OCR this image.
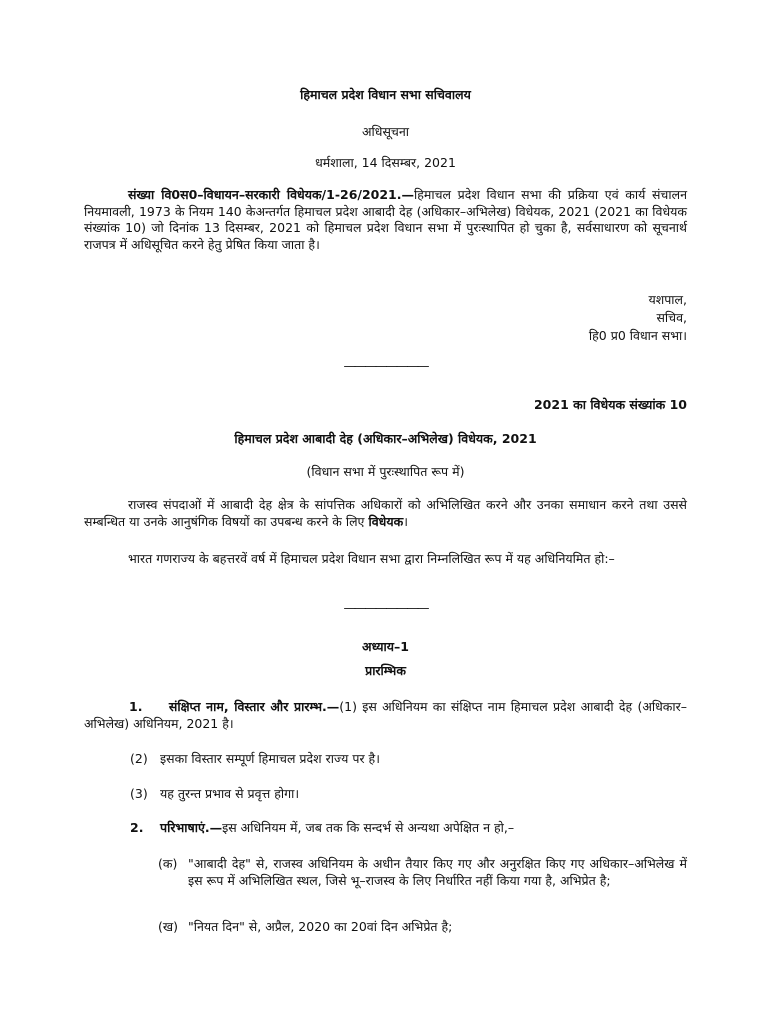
हिमाचल प्रदेश विधान सभा सचिवालय
अधिसूचना
धर्मशाला, 14 दिसम्बर, 2021
संख्या वि0स0–विधायन–सरकारी विधेयक/1-26/2021.—हिमाचल प्रदेश विधान सभा की प्रक्रिया एवं कार्य संचालन नियमावली, 1973 के नियम 140 केअन्तर्गत हिमाचल प्रदेश आबादी देह (अधिकार–अभिलेख) विधेयक, 2021 (2021 का विधेयक संख्यांक 10) जो दिनांक 13 दिसम्बर, 2021 को हिमाचल प्रदेश विधान सभा में पुरःस्थापित हो चुका है, सर्वसाधारण को सूचनार्थ राजपत्र में अधिसूचित करने हेतु प्रेषित किया जाता है।
यशपाल,
सचिव,
हि0 प्र0 विधान सभा।
————————
2021 का विधेयक संख्यांक 10
हिमाचल प्रदेश आबादी देह (अधिकार–अभिलेख) विधेयक, 2021
(विधान सभा में पुरःस्थापित रूप में)
राजस्व संपदाओं में आबादी देह क्षेत्र के सांपत्तिक अधिकारों को अभिलिखित करने और उनका समाधान करने तथा उससे सम्बन्धित या उनके आनुषंगिक विषयों का उपबन्ध करने के लिए विधेयक।
भारत गणराज्य के बहत्तरवें वर्ष में हिमाचल प्रदेश विधान सभा द्वारा निम्नलिखित रूप में यह अधिनियमित हो:–
————————
अध्याय–1
प्रारम्भिक
1. संक्षिप्त नाम, विस्तार और प्रारम्भ.—(1) इस अधिनियम का संक्षिप्त नाम हिमाचल प्रदेश आबादी देह (अधिकार–अभिलेख) अधिनियम, 2021 है।
(2) इसका विस्तार सम्पूर्ण हिमाचल प्रदेश राज्य पर है।
(3) यह तुरन्त प्रभाव से प्रवृत्त होगा।
2. परिभाषाएं.—इस अधिनियम में, जब तक कि सन्दर्भ से अन्यथा अपेक्षित न हो,–
(क) "आबादी देह" से, राजस्व अधिनियम के अधीन तैयार किए गए और अनुरक्षित किए गए अधिकार–अभिलेख में इस रूप में अभिलिखित स्थल, जिसे भू–राजस्व के लिए निर्धारित नहीं किया गया है, अभिप्रेत है;
(ख) "नियत दिन" से, अप्रैल, 2020 का 20वां दिन अभिप्रेत है;
